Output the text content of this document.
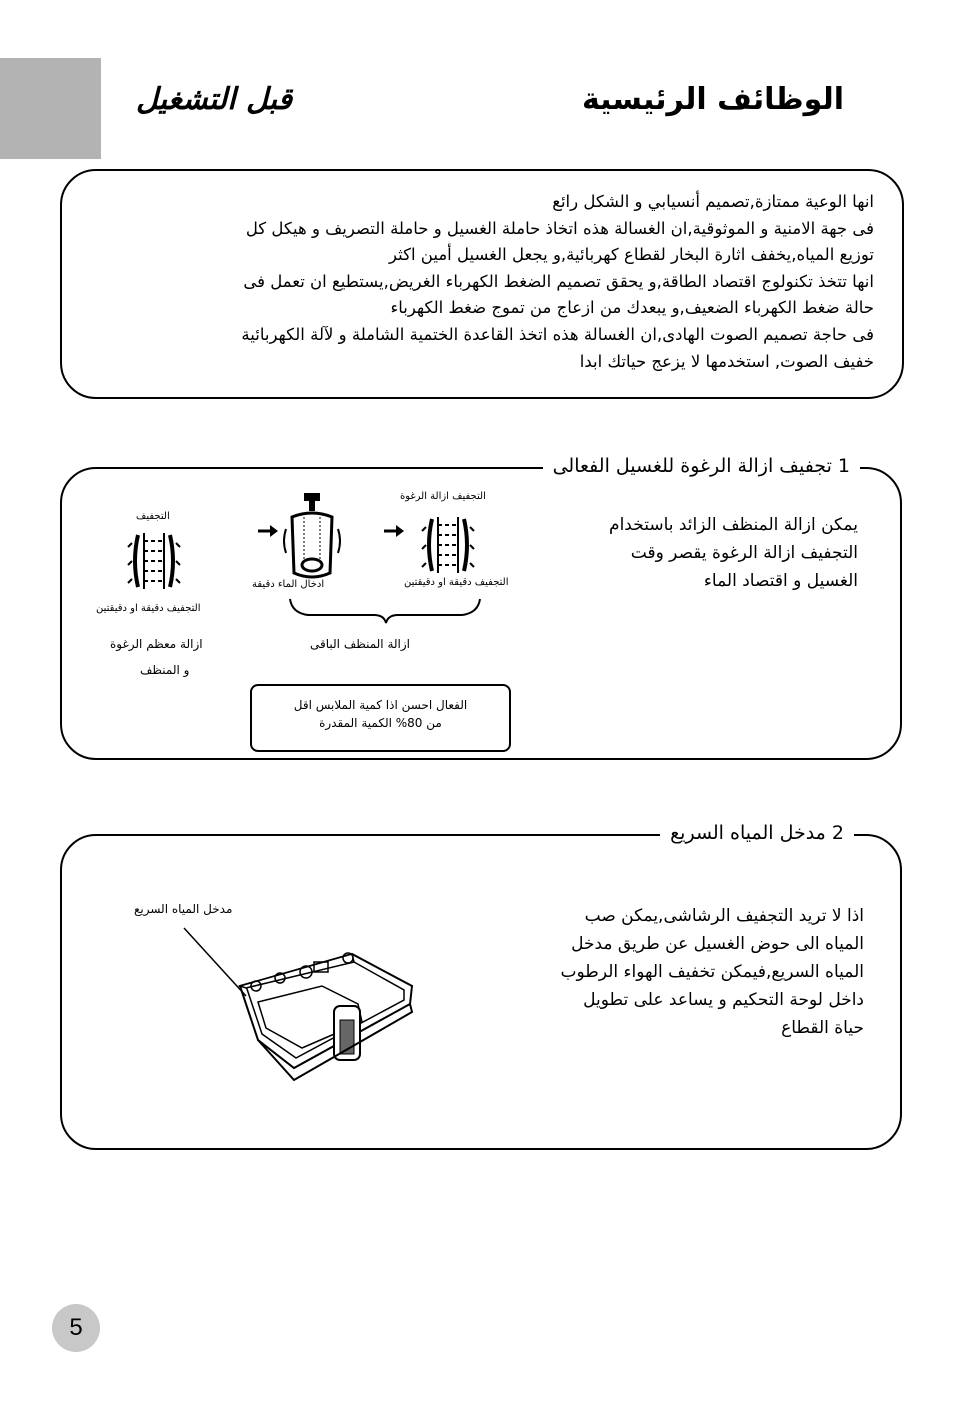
الوظائف الرئيسية
قبل التشغيل
انها الوعية ممتازة,تصميم أنسيابي و الشكل رائع
فى جهة الامنية و الموثوقية,ان الغسالة هذه اتخاذ حاملة الغسيل و حاملة التصريف و هيكل كل
توزيع المياه,يخفف اثارة البخار لقطاع كهربائية,و يجعل الغسيل أمين اكثر
انها تتخذ تكنولوج اقتصاد الطاقة,و يحقق تصميم الضغط الكهرباء الغريض,يستطيع ان تعمل فى
حالة ضغط الكهرباء الضعيف,و يبعدك من ازعاج من تموج ضغط الكهرباء
فى حاجة تصميم الصوت الهادى,ان الغسالة هذه اتخذ القاعدة الختمية الشاملة و لآلة الكهربائية
خفيف الصوت, استخدمها لا يزعج حياتك ابدا
1 تجفيف ازالة الرغوة للغسيل الفعالى
يمكن ازالة المنظف الزائد باستخدام
التجفيف ازالة الرغوة يقصر وقت
الغسيل و اقتصاد الماء
التجفيف ازالة الرغوة
التجفيف
التجفيف دقيقة او دقيقتين
ادخال الماء دقيقة
التجفيف دقيقة او دقيقتين
ازالة المنظف الباقى
ازالة معظم الرغوة
و المنظف
الفعال احسن اذا كمية الملابس اقل
من 80% الكمية المقدرة
2 مدخل المياه السريع
اذا لا تريد التجفيف الرشاشى,يمكن صب
المياه الى حوض الغسيل عن طريق مدخل
المياه السريع,فيمكن تخفيف الهواء الرطوب
داخل لوحة التحكيم و يساعد على تطويل
حياة القطاع
مدخل المياه السريع
5
